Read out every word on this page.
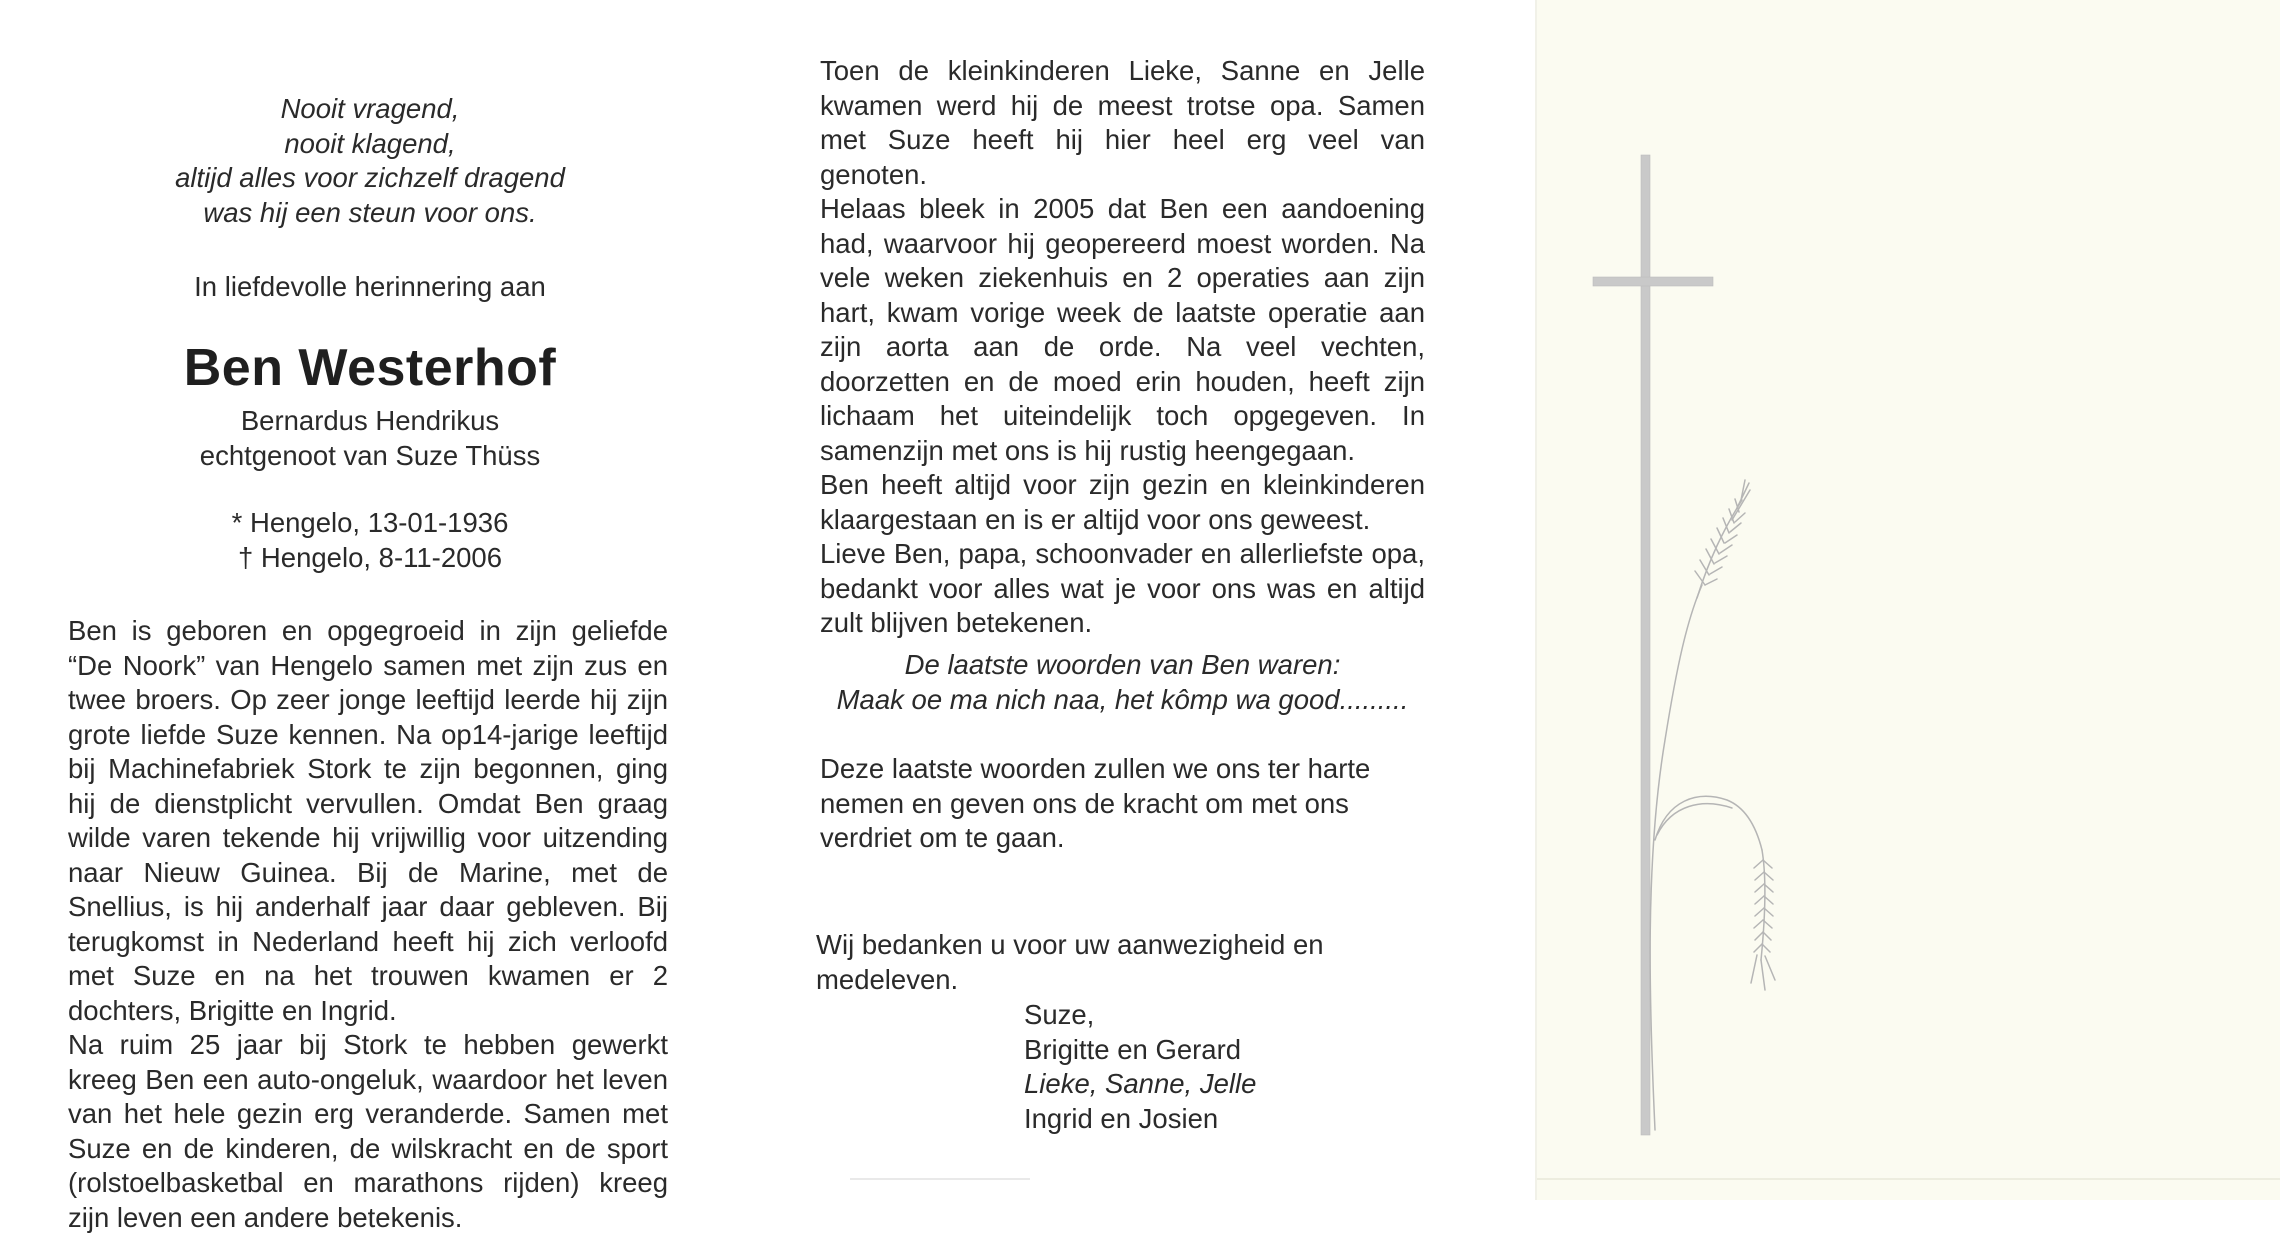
Nooit vragend,

nooit klagend,

altijd alles voor zichzelf dragend

was hij een steun voor ons.

In liefdevolle herinnering aan

Ben Westerhof

Bernardus Hendrikus

echtgenoot van Suze Thüss

* Hengelo, 13-01-1936

† Hengelo, 8-11-2006

Ben is geboren en opgegroeid in zijn geliefde “De Noork” van Hengelo samen met zijn zus en twee broers. Op zeer jonge leeftijd leerde hij zijn grote liefde Suze kennen. Na op14-jarige leeftijd bij Machinefabriek Stork te zijn begonnen, ging hij de dienstplicht vervullen. Omdat Ben graag wilde varen tekende hij vrijwillig voor uitzending naar Nieuw Guinea. Bij de Marine, met de Snellius, is hij anderhalf jaar daar gebleven. Bij terugkomst in Nederland heeft hij zich verloofd met Suze en na het trouwen kwamen er 2 dochters, Brigitte en Ingrid.

Na ruim 25 jaar bij Stork te hebben gewerkt kreeg Ben een auto-ongeluk, waardoor het leven van het hele gezin erg veranderde. Samen met Suze en de kinderen, de wilskracht en de sport (rolstoelbasketbal en marathons rijden) kreeg zijn leven een andere betekenis.

Toen de kleinkinderen Lieke, Sanne en Jelle kwamen werd hij de meest trotse opa. Samen met Suze heeft hij hier heel erg veel van genoten.

Helaas bleek in 2005 dat Ben een aandoening had, waarvoor hij geopereerd moest worden. Na vele weken ziekenhuis en 2 operaties aan zijn hart, kwam vorige week de laatste operatie aan zijn aorta aan de orde. Na veel vechten, doorzetten en de moed erin houden, heeft zijn lichaam het uiteindelijk toch opgegeven. In samenzijn met ons is hij rustig heengegaan.

Ben heeft altijd voor zijn gezin en kleinkinderen klaargestaan en is er altijd voor ons geweest.

Lieve Ben, papa, schoonvader en allerliefste opa, bedankt voor alles wat je voor ons was en altijd zult blijven betekenen.

De laatste woorden van Ben waren:

Maak oe ma nich naa, het kômp wa good.........

Deze laatste woorden zullen we ons ter harte nemen en geven ons de kracht om met ons verdriet om te gaan.

Wij bedanken u voor uw aanwezigheid en medeleven.

Suze,

Brigitte en Gerard

Lieke, Sanne, Jelle

Ingrid en Josien
